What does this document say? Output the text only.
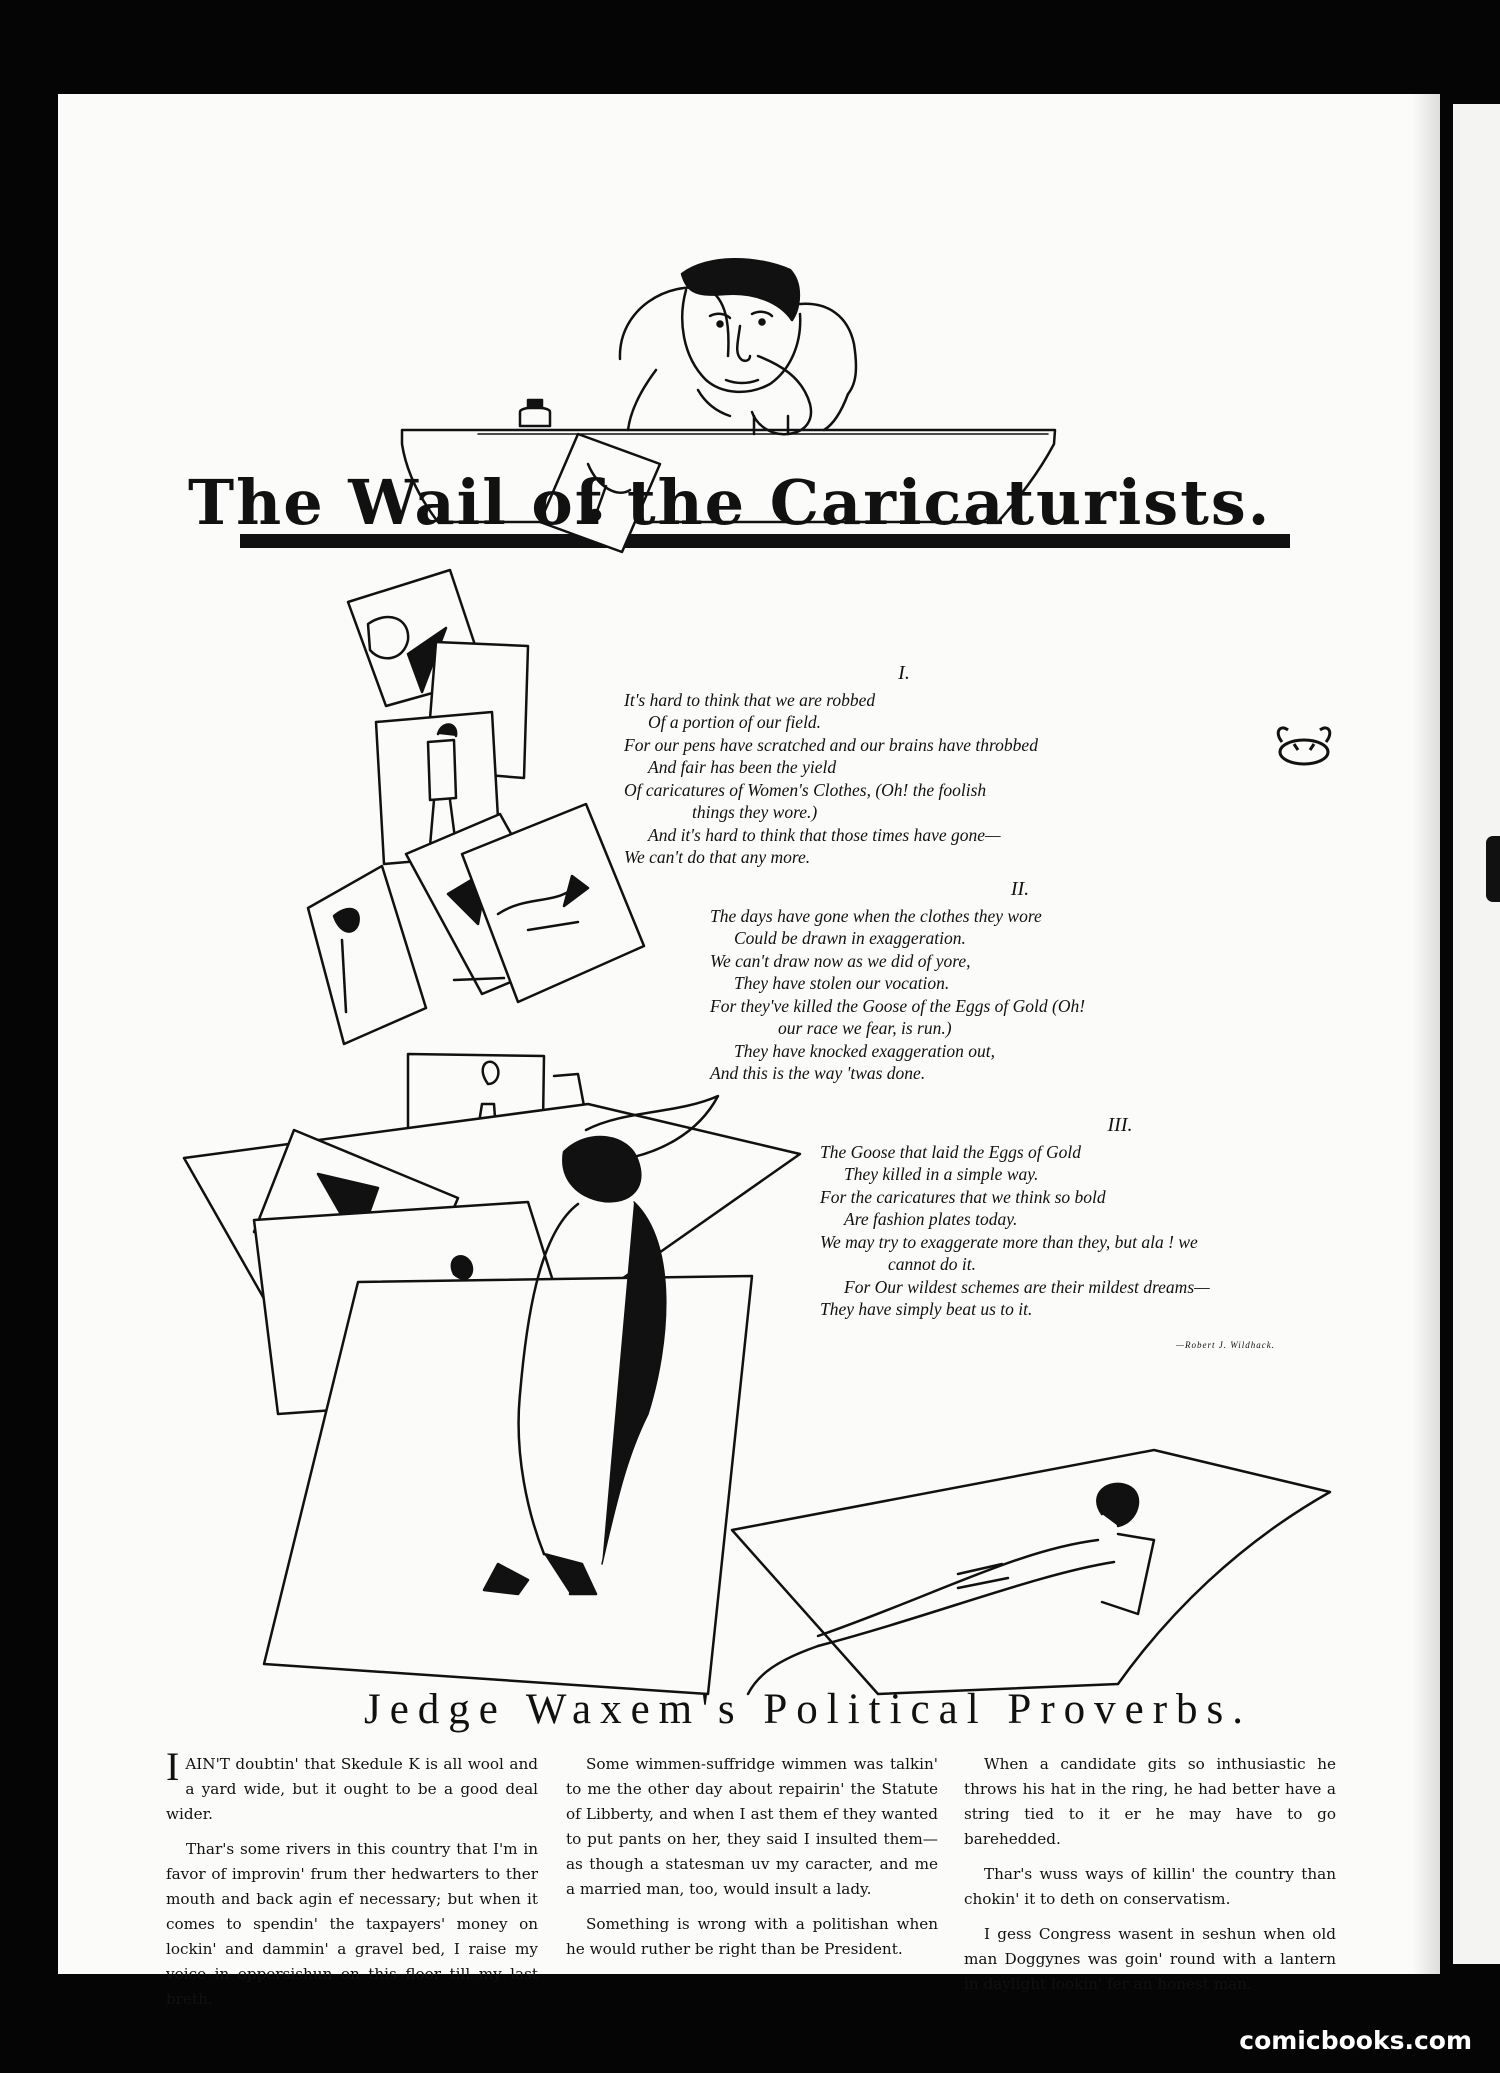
The Wail of the Caricaturists.
I.
It's hard to think that we are robbed
Of a portion of our field.
For our pens have scratched and our brains have throbbed
And fair has been the yield
Of caricatures of Women's Clothes, (Oh! the foolish
things they wore.)
And it's hard to think that those times have gone—
We can't do that any more.
II.
The days have gone when the clothes they wore
Could be drawn in exaggeration.
We can't draw now as we did of yore,
They have stolen our vocation.
For they've killed the Goose of the Eggs of Gold (Oh!
our race we fear, is run.)
They have knocked exaggeration out,
And this is the way 'twas done.
III.
The Goose that laid the Eggs of Gold
They killed in a simple way.
For the caricatures that we think so bold
Are fashion plates today.
We may try to exaggerate more than they, but ala ! we
cannot do it.
For Our wildest schemes are their mildest dreams—
They have simply beat us to it.
—Robert J. Wildhack.
Jedge Waxem's Political Proverbs.

IAIN'T doubtin' that Skedule K is all wool and a yard wide, but it ought to be a good deal wider.

Thar's some rivers in this country that I'm in favor of improvin' frum ther hedwarters to ther mouth and back agin ef necessary; but when it comes to spendin' the taxpayers' money on lockin' and dammin' a gravel bed, I raise my voice in oppersishun on this floor till my last breth.

Some wimmen-suffridge wimmen was talkin' to me the other day about repairin' the Statute of Libberty, and when I ast them ef they wanted to put pants on her, they said I insulted them—as though a statesman uv my caracter, and me a married man, too, would insult a lady.

Something is wrong with a politishan when he would ruther be right than be President.

When a candidate gits so inthusiastic he throws his hat in the ring, he had better have a string tied to it er he may have to go barehedded.

Thar's wuss ways of killin' the country than chokin' it to deth on conservatism.

I gess Congress wasent in seshun when old man Doggynes was goin' round with a lantern in daylight lookin' fer an honest man.

comicbooks.com
